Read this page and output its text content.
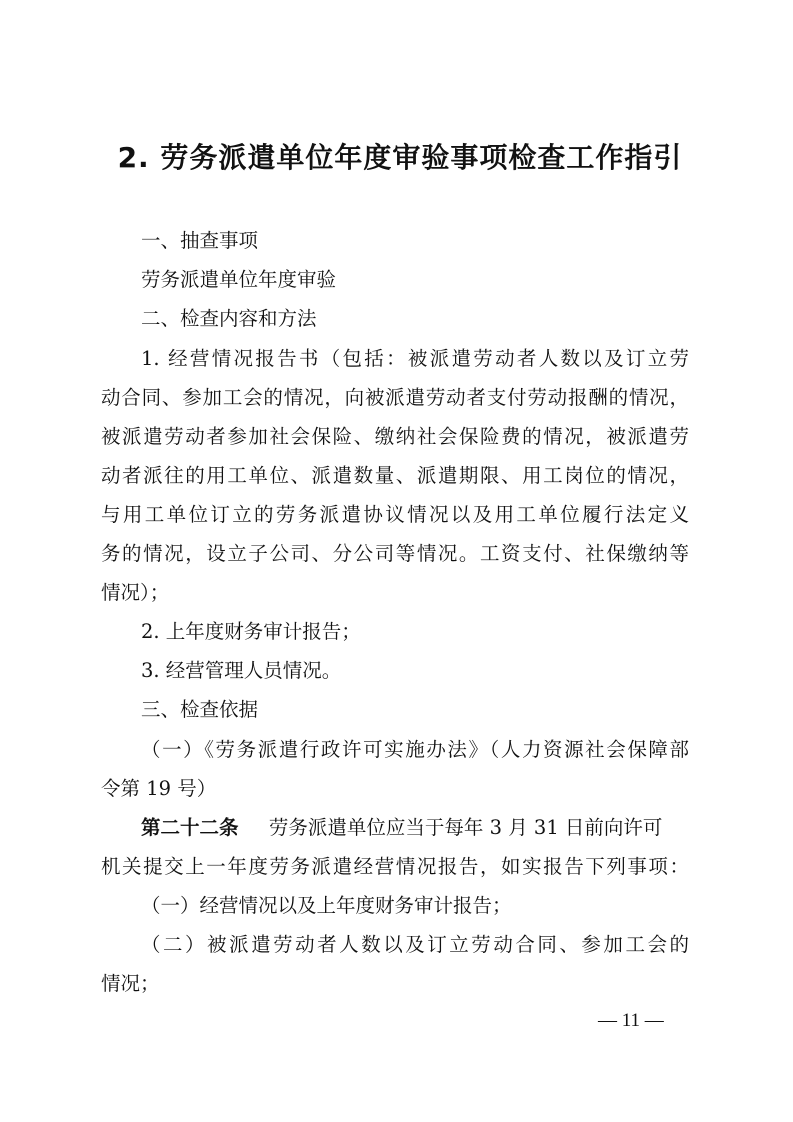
2. 劳务派遣单位年度审验事项检查工作指引
一、抽查事项
劳务派遣单位年度审验
二、检查内容和方法
1. 经营情况报告书（包括：被派遣劳动者人数以及订立劳
动合同、参加工会的情况，向被派遣劳动者支付劳动报酬的情况，
被派遣劳动者参加社会保险、缴纳社会保险费的情况，被派遣劳
动者派往的用工单位、派遣数量、派遣期限、用工岗位的情况，
与用工单位订立的劳务派遣协议情况以及用工单位履行法定义
务的情况，设立子公司、分公司等情况。工资支付、社保缴纳等
情况）；
2. 上年度财务审计报告；
3. 经营管理人员情况。
三、检查依据
（一）《劳务派遣行政许可实施办法》（人力资源社会保障部
令第 19 号）
第二十二条 劳务派遣单位应当于每年 3 月 31 日前向许可
机关提交上一年度劳务派遣经营情况报告，如实报告下列事项：
（一）经营情况以及上年度财务审计报告；
（二）被派遣劳动者人数以及订立劳动合同、参加工会的
情况；
— 11 —
